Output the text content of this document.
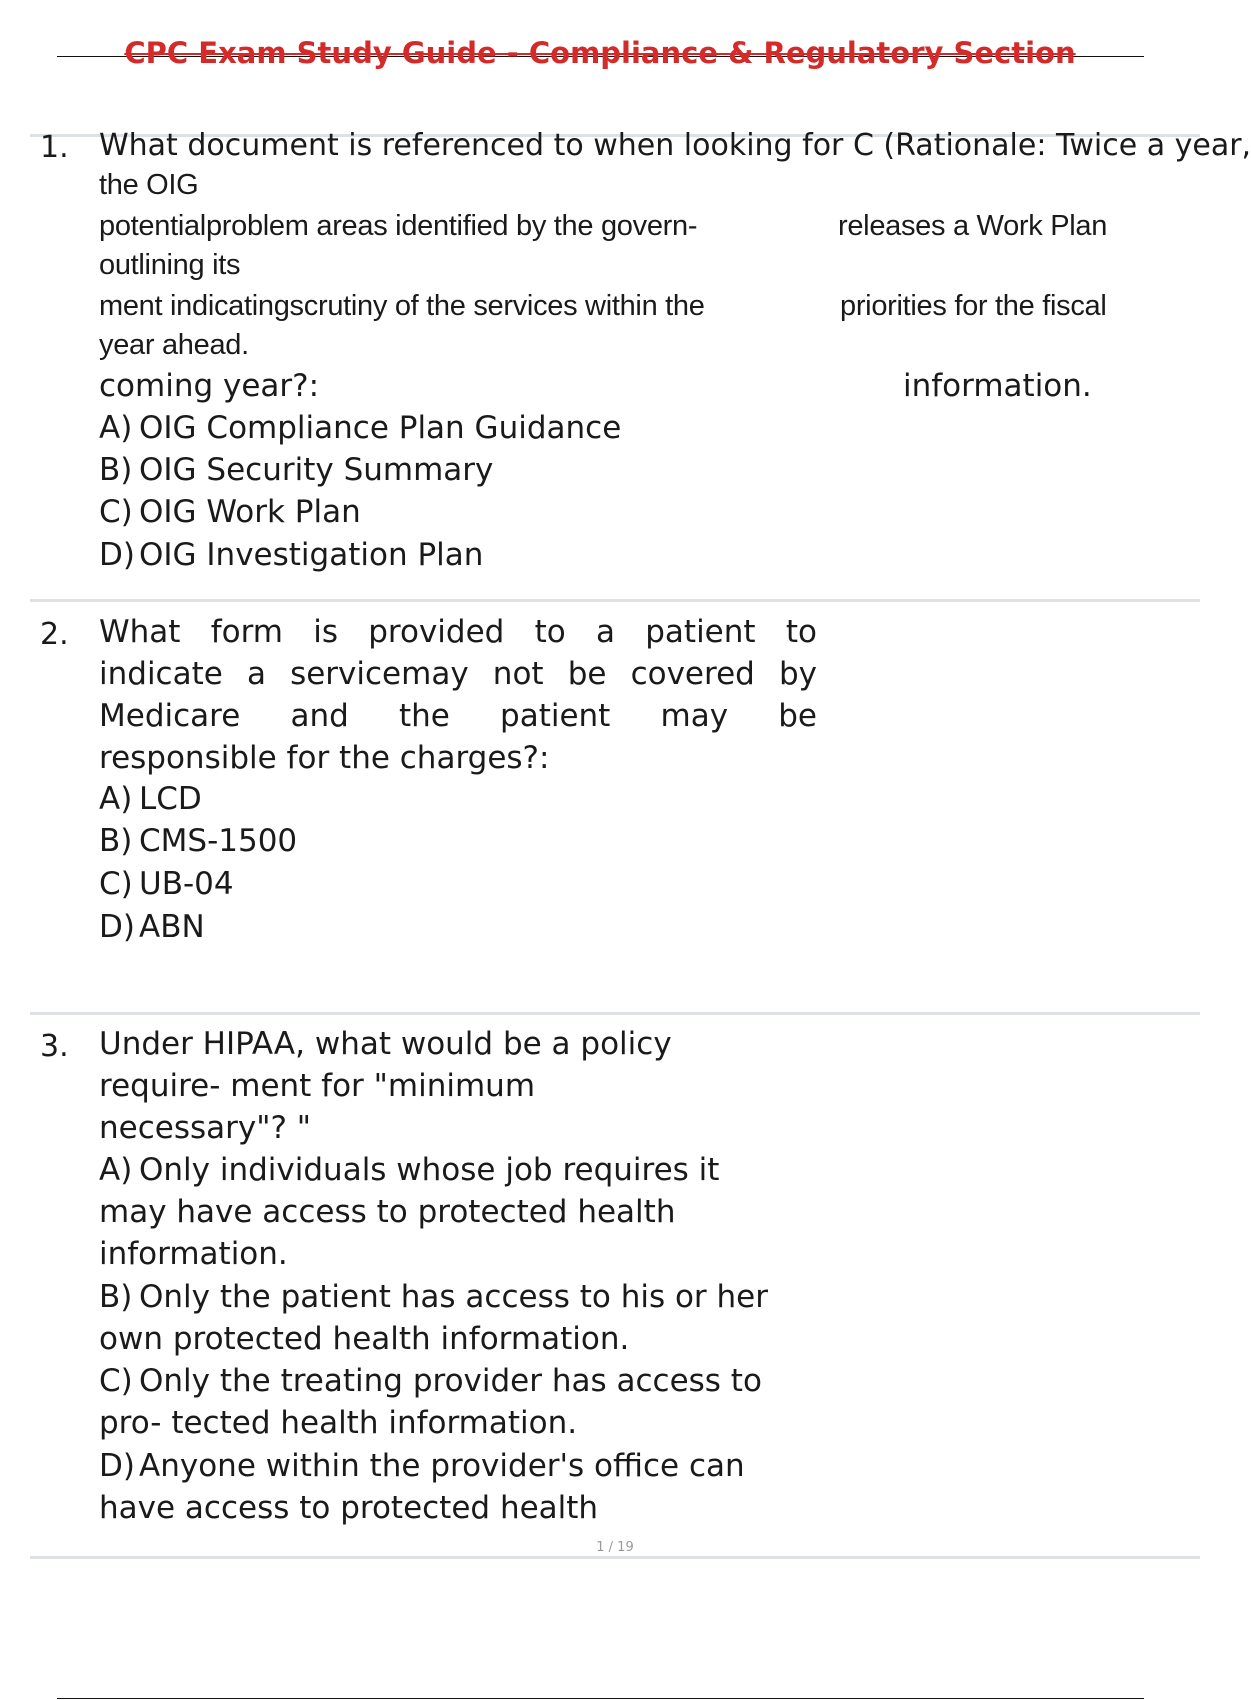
CPC Exam Study Guide - Compliance & Regulatory Section
1. What document is referenced to when looking for C (Rationale: Twice a year,
the OIG
potentialproblem areas identified by the govern-	releases a Work Plan
outlining its
ment indicatingscrutiny of the services within the	priorities for the fiscal
year ahead.
coming year?:	information.
A) OIG Compliance Plan Guidance
B) OIG Security Summary
C) OIG Work Plan
D) OIG Investigation Plan
2. What form is provided to a patient to
indicate a servicemay not be covered by
Medicare and the patient may be
responsible for the charges?:
A) LCD
B) CMS-1500
C) UB-04
D) ABN
3. Under HIPAA, what would be a policy
require- ment for "minimum
necessary"? "
A) Only individuals whose job requires it
may have access to protected health
information.
B) Only the patient has access to his or her
own protected health information.
C) Only the treating provider has access to
pro- tected health information.
D) Anyone within the provider's office can
have access to protected health
1 / 19
